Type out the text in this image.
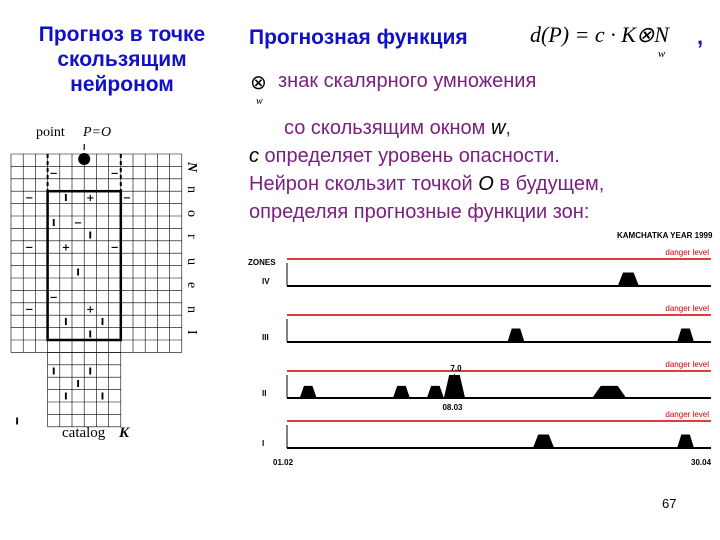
Прогноз в точке
скользящим
нейроном
Прогнозная функция	d(P) = c · K⊗N
w
,
⊗
w
знак скалярного умножения
со скользящим окном w,
c определяет уровень опасности.
Нейрон скользит точкой O в будущем,
определяя прогнозные функции зон:
point P=O
catalog K
−	−
−	I +	−
I −
I
−	+	−
I
−
−	+
I	I
I
I	I
I
I	I
I
N
n
o
r
u
e
n
I
KAMCHATKA YEAR 1999
ZONES
danger level
IV
danger level
III
danger level
II
danger level
I
7.0
08.03
01.02	30.04
67
